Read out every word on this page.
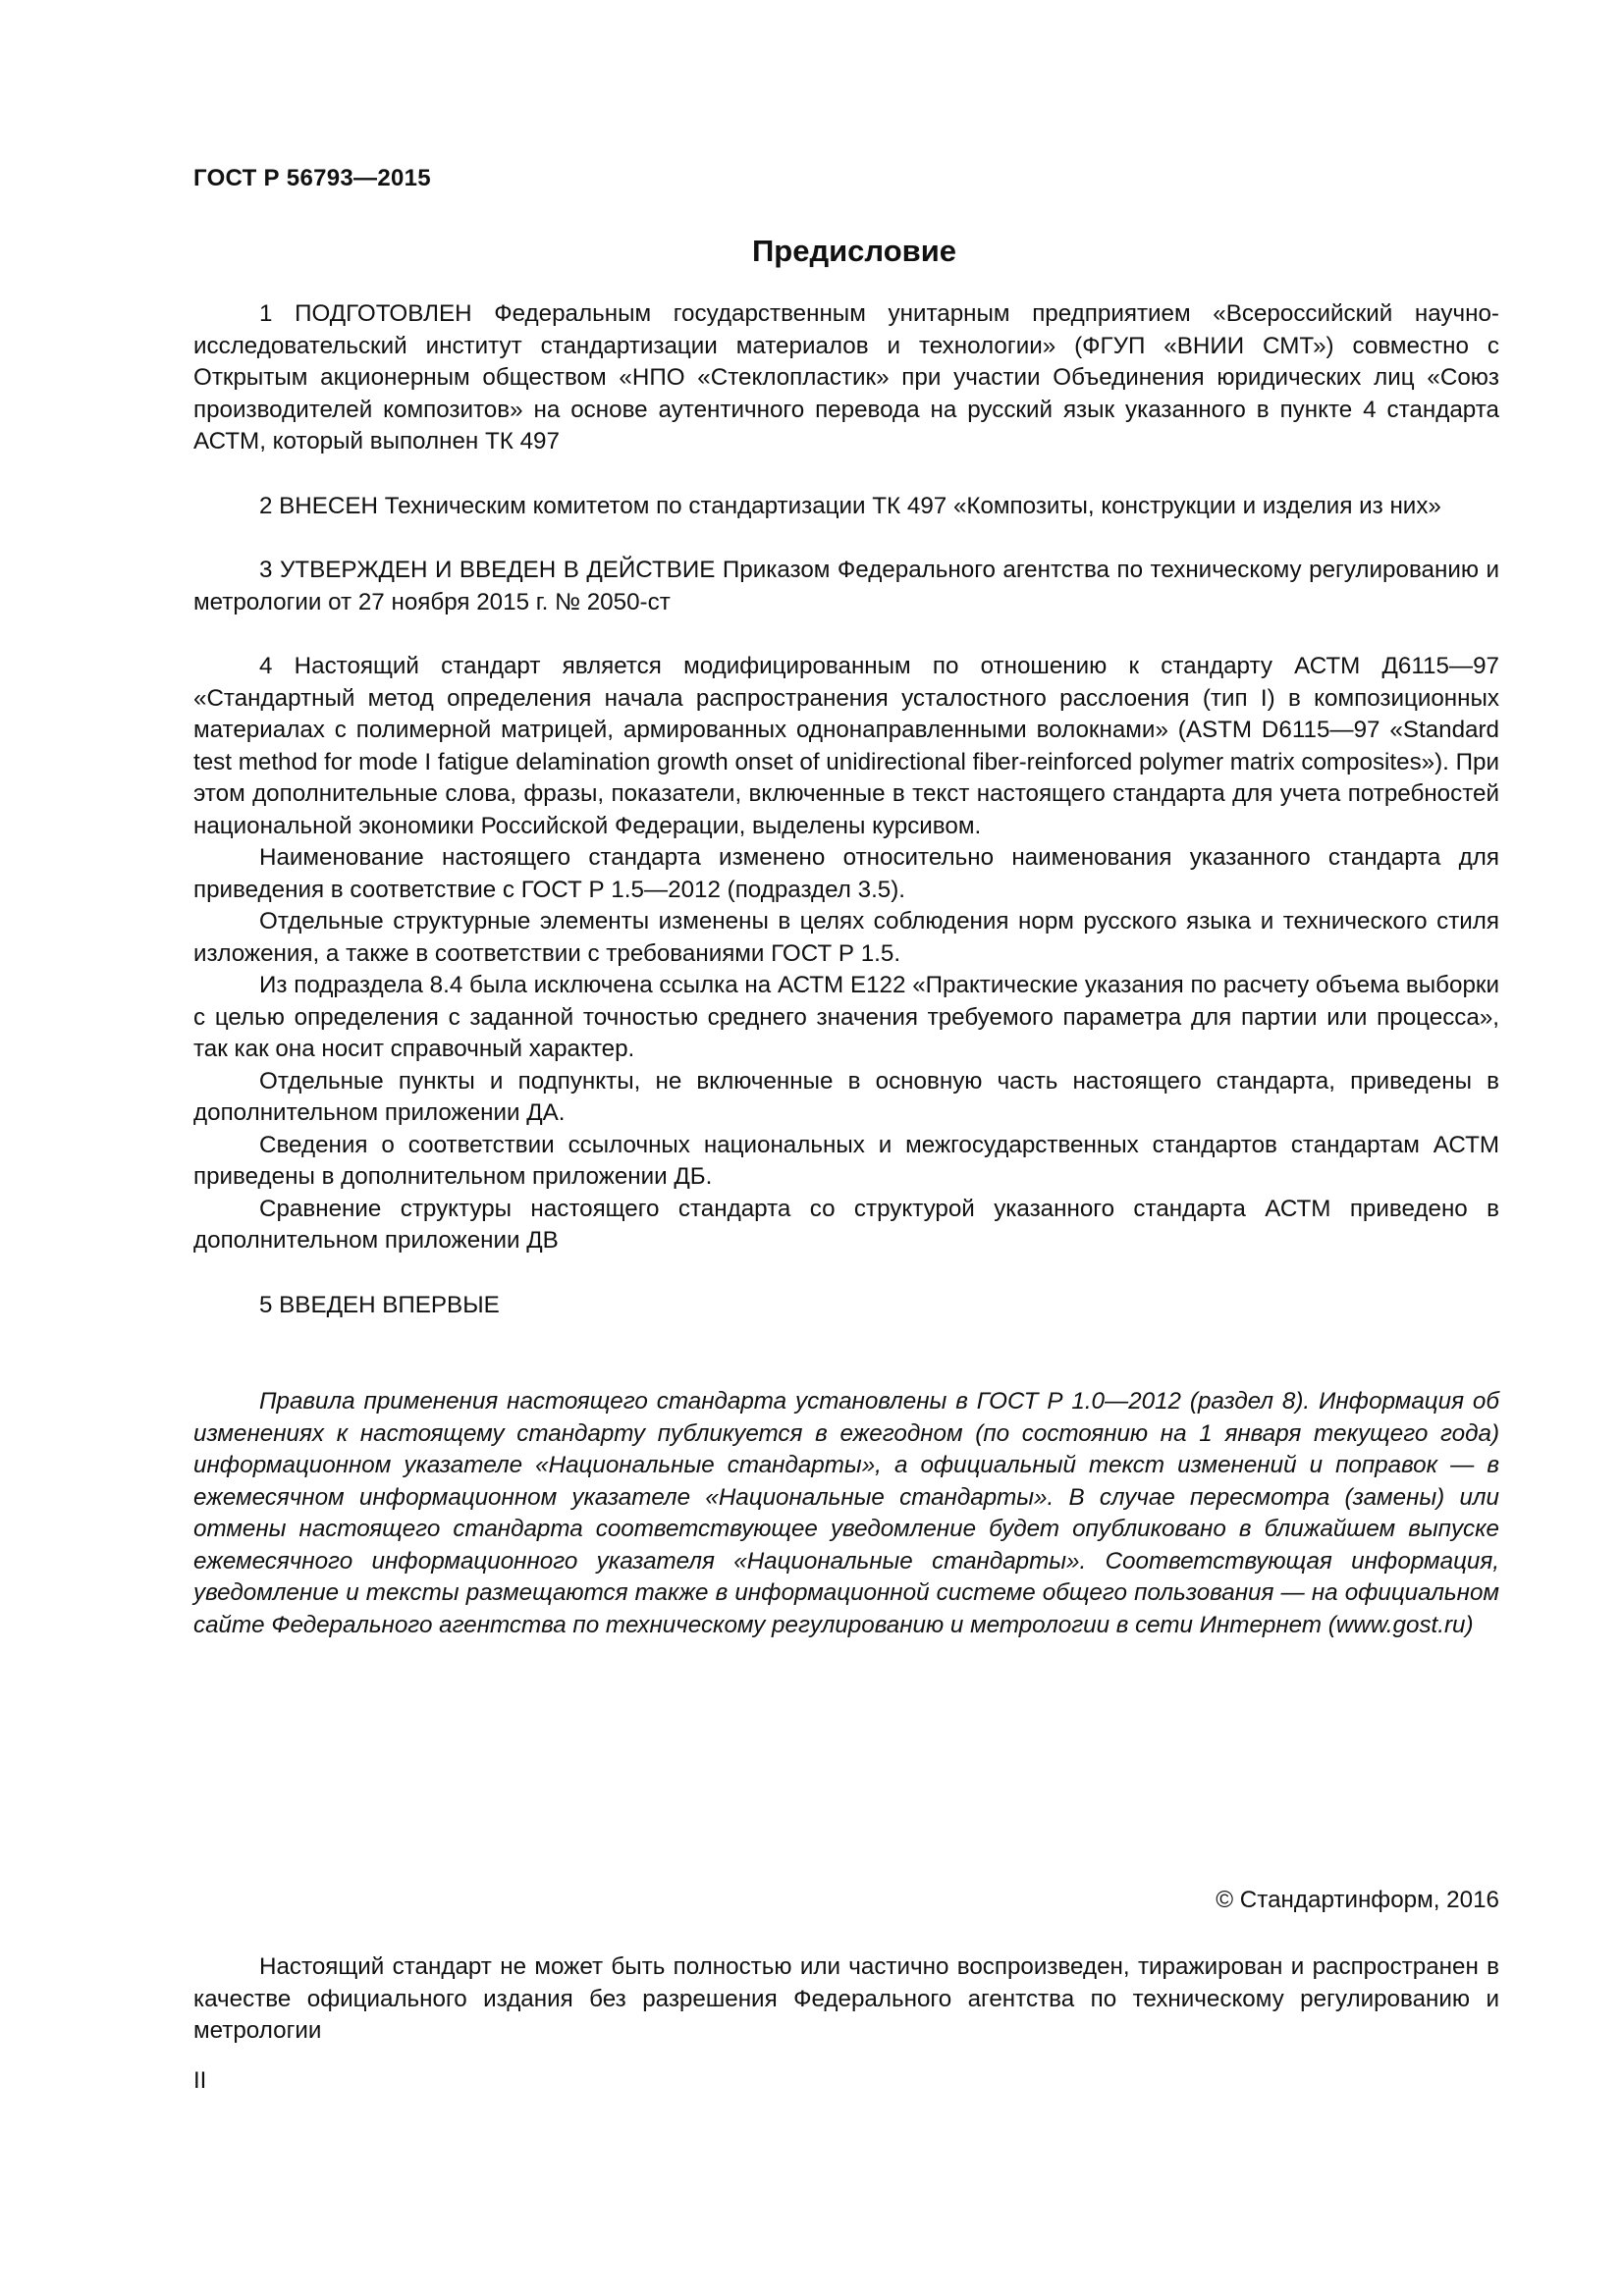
ГОСТ Р 56793—2015
Предисловие

1 ПОДГОТОВЛЕН Федеральным государственным унитарным предприятием «Всероссийский научно-исследовательский институт стандартизации материалов и технологии» (ФГУП «ВНИИ СМТ») совместно с Открытым акционерным обществом «НПО «Стеклопластик» при участии Объединения юридических лиц «Союз производителей композитов» на основе аутентичного перевода на русский язык указанного в пункте 4 стандарта АСТМ, который выполнен ТК 497

2 ВНЕСЕН Техническим комитетом по стандартизации ТК 497 «Композиты, конструкции и изделия из них»

3 УТВЕРЖДЕН И ВВЕДЕН В ДЕЙСТВИЕ Приказом Федерального агентства по техническому регулированию и метрологии от 27 ноября 2015 г. № 2050-ст

4 Настоящий стандарт является модифицированным по отношению к стандарту АСТМ Д6115—97 «Стандартный метод определения начала распространения усталостного расслоения (тип I) в композиционных материалах с полимерной матрицей, армированных однонаправленными волокнами» (ASTM D6115—97 «Standard test method for mode I fatigue delamination growth onset of unidirectional fiber-reinforced polymer matrix composites»). При этом дополнительные слова, фразы, показатели, включенные в текст настоящего стандарта для учета потребностей национальной экономики Российской Федерации, выделены курсивом.

Наименование настоящего стандарта изменено относительно наименования указанного стандарта для приведения в соответствие с ГОСТ Р 1.5—2012 (подраздел 3.5).

Отдельные структурные элементы изменены в целях соблюдения норм русского языка и технического стиля изложения, а также в соответствии с требованиями ГОСТ Р 1.5.

Из подраздела 8.4 была исключена ссылка на АСТМ Е122 «Практические указания по расчету объема выборки с целью определения с заданной точностью среднего значения требуемого параметра для партии или процесса», так как она носит справочный характер.

Отдельные пункты и подпункты, не включенные в основную часть настоящего стандарта, приведены в дополнительном приложении ДА.

Сведения о соответствии ссылочных национальных и межгосударственных стандартов стандартам АСТМ приведены в дополнительном приложении ДБ.

Сравнение структуры настоящего стандарта со структурой указанного стандарта АСТМ приведено в дополнительном приложении ДВ

5 ВВЕДЕН ВПЕРВЫЕ

Правила применения настоящего стандарта установлены в ГОСТ Р 1.0—2012 (раздел 8). Информация об изменениях к настоящему стандарту публикуется в ежегодном (по состоянию на 1 января текущего года) информационном указателе «Национальные стандарты», а официальный текст изменений и поправок — в ежемесячном информационном указателе «Национальные стандарты». В случае пересмотра (замены) или отмены настоящего стандарта соответствующее уведомление будет опубликовано в ближайшем выпуске ежемесячного информационного указателя «Национальные стандарты». Соответствующая информация, уведомление и тексты размещаются также в информационной системе общего пользования — на официальном сайте Федерального агентства по техническому регулированию и метрологии в сети Интернет (www.gost.ru)

© Стандартинформ, 2016

Настоящий стандарт не может быть полностью или частично воспроизведен, тиражирован и распространен в качестве официального издания без разрешения Федерального агентства по техническому регулированию и метрологии

II
